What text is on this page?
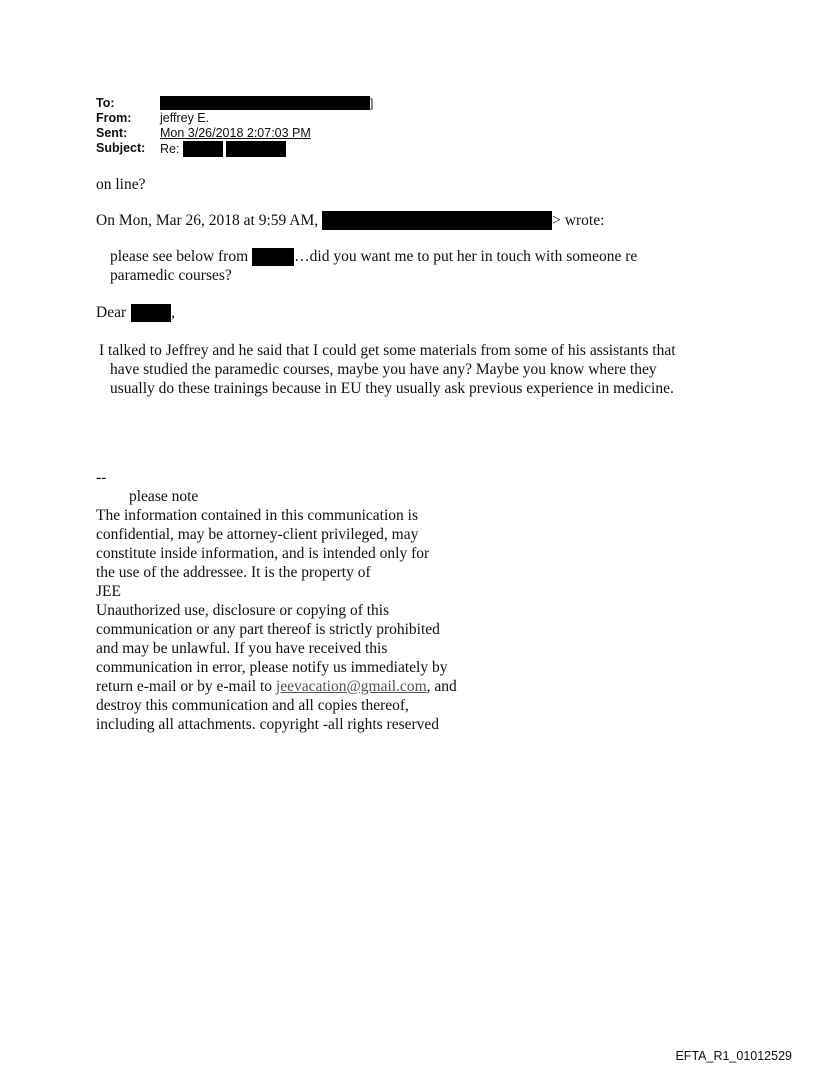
To:	]
From:	jeffrey E.
Sent:	Mon 3/26/2018 2:07:03 PM
Subject:	Re:
on line?
On Mon, Mar 26, 2018 at 9:59 AM,	> wrote:
please see below from	…did you want me to put her in touch with someone re
paramedic courses?
Dear	,
I talked to Jeffrey and he said that I could get some materials from some of his assistants that
have studied the paramedic courses, maybe you have any? Maybe you know where they
usually do these trainings because in EU they usually ask previous experience in medicine.
--
please note
The information contained in this communication is
confidential, may be attorney-client privileged, may
constitute inside information, and is intended only for
the use of the addressee. It is the property of
JEE
Unauthorized use, disclosure or copying of this
communication or any part thereof is strictly prohibited
and may be unlawful. If you have received this
communication in error, please notify us immediately by
return e-mail or by e-mail to jeevacation@gmail.com, and
destroy this communication and all copies thereof,
including all attachments. copyright -all rights reserved
EFTA_R1_01012529
